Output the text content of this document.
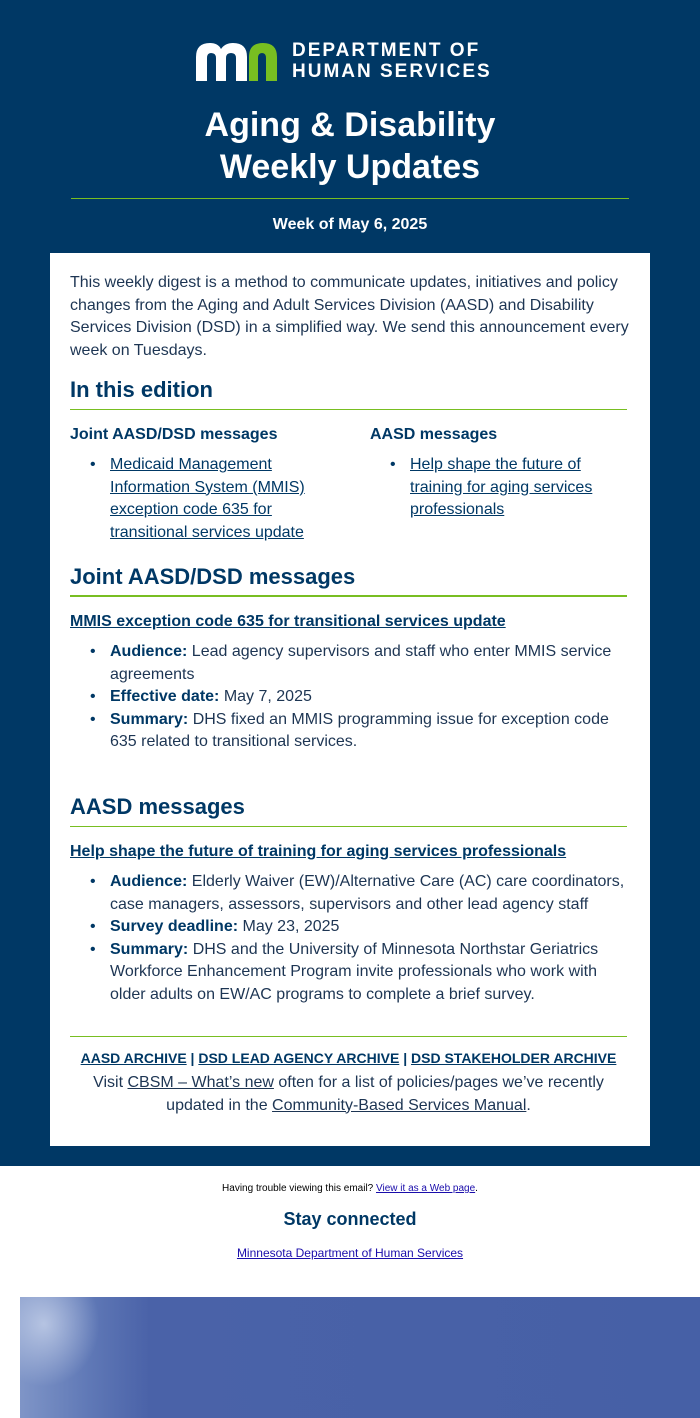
DEPARTMENT OF
HUMAN SERVICES
Aging & Disability
Weekly Updates
Week of May 6, 2025

This weekly digest is a method to communicate updates, initiatives and policy changes from the Aging and Adult Services Division (AASD) and Disability Services Division (DSD) in a simplified way. We send this announcement every week on Tuesdays.

In this edition
Joint AASD/DSD messages
• Medicaid Management Information System (MMIS) exception code 635 for transitional services update
AASD messages
• Help shape the future of training for aging services professionals
Joint AASD/DSD messages
MMIS exception code 635 for transitional services update
• Audience: Lead agency supervisors and staff who enter MMIS service agreements
• Effective date: May 7, 2025
• Summary: DHS fixed an MMIS programming issue for exception code 635 related to transitional services.
AASD messages
Help shape the future of training for aging services professionals
• Audience: Elderly Waiver (EW)/Alternative Care (AC) care coordinators, case managers, assessors, supervisors and other lead agency staff
• Survey deadline: May 23, 2025
• Summary: DHS and the University of Minnesota Northstar Geriatrics Workforce Enhancement Program invite professionals who work with older adults on EW/AC programs to complete a brief survey.
AASD ARCHIVE | DSD LEAD AGENCY ARCHIVE | DSD STAKEHOLDER ARCHIVE
Visit CBSM – What’s new often for a list of policies/pages we’ve recently updated in the Community-Based Services Manual.
Having trouble viewing this email? View it as a Web page.
Stay connected
Minnesota Department of Human Services
